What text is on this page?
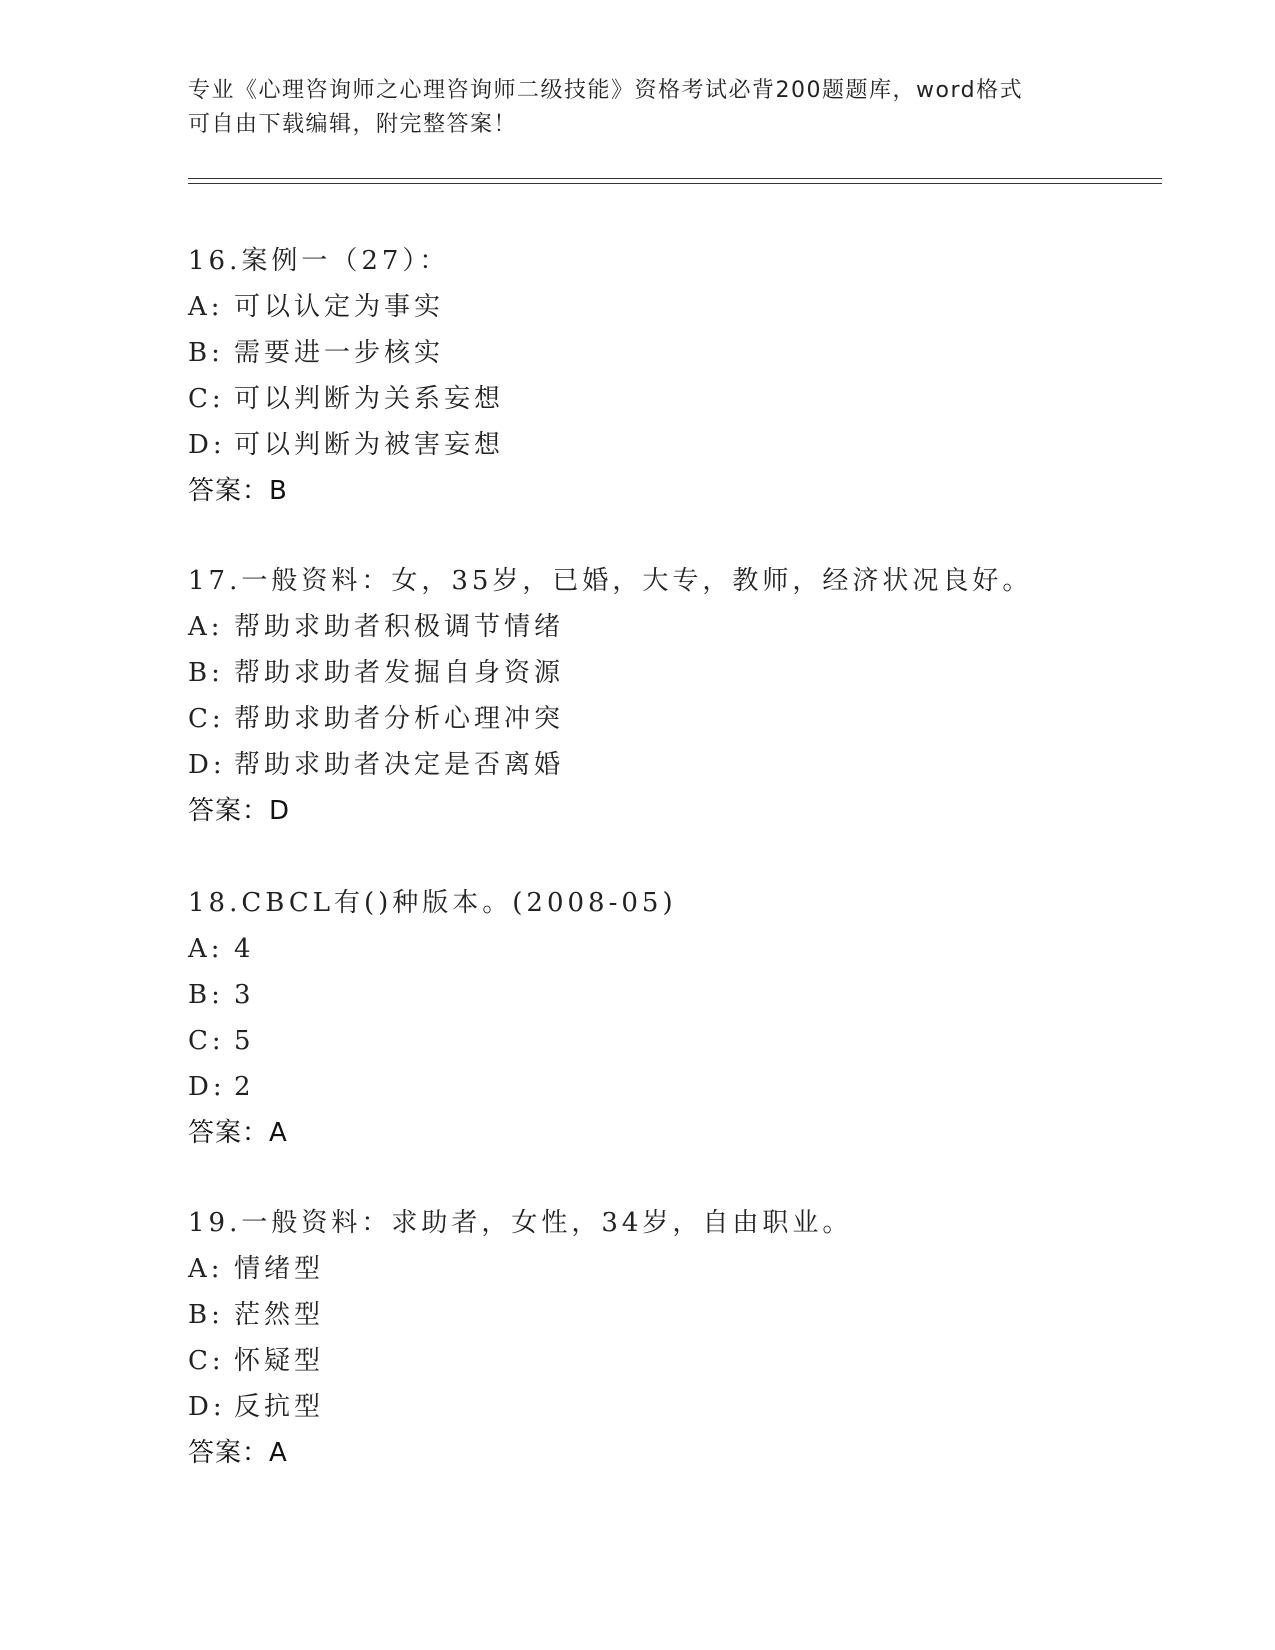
专业《心理咨询师之心理咨询师二级技能》资格考试必背200题题库，word格式
可自由下载编辑，附完整答案！
16.案例一（27）：
A: 可以认定为事实
B: 需要进一步核实
C: 可以判断为关系妄想
D: 可以判断为被害妄想
答案：B
17.一般资料：女，35岁，已婚，大专，教师，经济状况良好。
A: 帮助求助者积极调节情绪
B: 帮助求助者发掘自身资源
C: 帮助求助者分析心理冲突
D: 帮助求助者决定是否离婚
答案：D
18.CBCL有()种版本。(2008-05)
A: 4
B: 3
C: 5
D: 2
答案：A
19.一般资料：求助者，女性，34岁，自由职业。
A: 情绪型
B: 茫然型
C: 怀疑型
D: 反抗型
答案：A
